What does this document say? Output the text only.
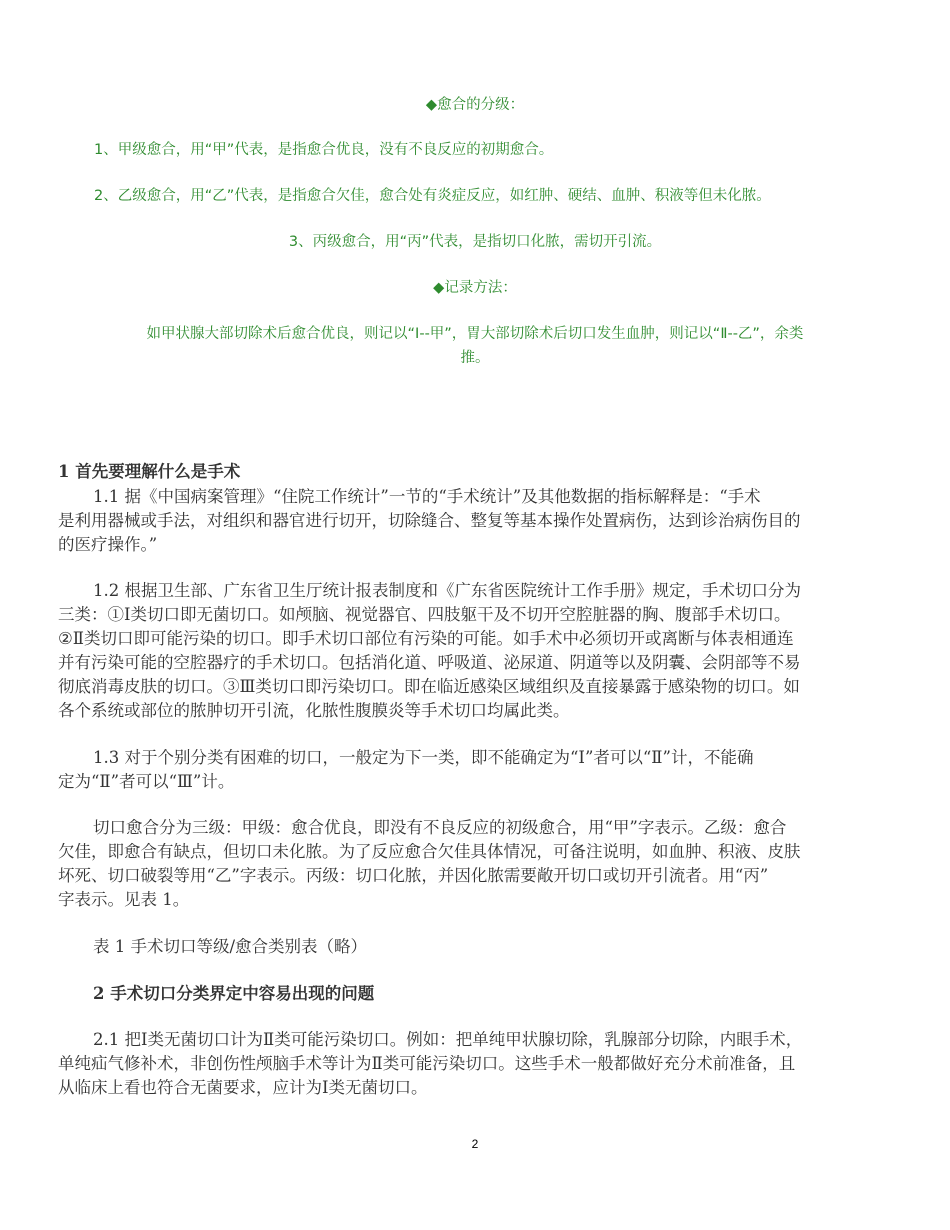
◆愈合的分级：
1、甲级愈合，用“甲”代表，是指愈合优良，没有不良反应的初期愈合。
2、乙级愈合，用“乙”代表，是指愈合欠佳，愈合处有炎症反应，如红肿、硬结、血肿、积液等但未化脓。
3、丙级愈合，用“丙”代表，是指切口化脓，需切开引流。
◆记录方法：
如甲状腺大部切除术后愈合优良，则记以“Ⅰ--甲”，胃大部切除术后切口发生血肿，则记以“Ⅱ--乙”，余类
推。
1 首先要理解什么是手术
1.1 据《中国病案管理》“住院工作统计”一节的“手术统计”及其他数据的指标解释是：“手术
是利用器械或手法，对组织和器官进行切开，切除缝合、整复等基本操作处置病伤，达到诊治病伤目的
的医疗操作。”
1.2 根据卫生部、广东省卫生厅统计报表制度和《广东省医院统计工作手册》规定，手术切口分为
三类：①Ⅰ类切口即无菌切口。如颅脑、视觉器官、四肢躯干及不切开空腔脏器的胸、腹部手术切口。
②Ⅱ类切口即可能污染的切口。即手术切口部位有污染的可能。如手术中必须切开或离断与体表相通连
并有污染可能的空腔器疗的手术切口。包括消化道、呼吸道、泌尿道、阴道等以及阴囊、会阴部等不易
彻底消毒皮肤的切口。③Ⅲ类切口即污染切口。即在临近感染区域组织及直接暴露于感染物的切口。如
各个系统或部位的脓肿切开引流，化脓性腹膜炎等手术切口均属此类。
1.3 对于个别分类有困难的切口，一般定为下一类，即不能确定为“Ⅰ”者可以“Ⅱ”计，不能确
定为“Ⅱ”者可以“Ⅲ”计。
切口愈合分为三级：甲级：愈合优良，即没有不良反应的初级愈合，用“甲”字表示。乙级：愈合
欠佳，即愈合有缺点，但切口未化脓。为了反应愈合欠佳具体情况，可备注说明，如血肿、积液、皮肤
坏死、切口破裂等用“乙”字表示。丙级：切口化脓，并因化脓需要敞开切口或切开引流者。用“丙”
字表示。见表 1。
表 1 手术切口等级/愈合类别表（略）
2 手术切口分类界定中容易出现的问题
2.1 把Ⅰ类无菌切口计为Ⅱ类可能污染切口。例如：把单纯甲状腺切除，乳腺部分切除，内眼手术，
单纯疝气修补术，非创伤性颅脑手术等计为Ⅱ类可能污染切口。这些手术一般都做好充分术前准备，且
从临床上看也符合无菌要求，应计为Ⅰ类无菌切口。
2
